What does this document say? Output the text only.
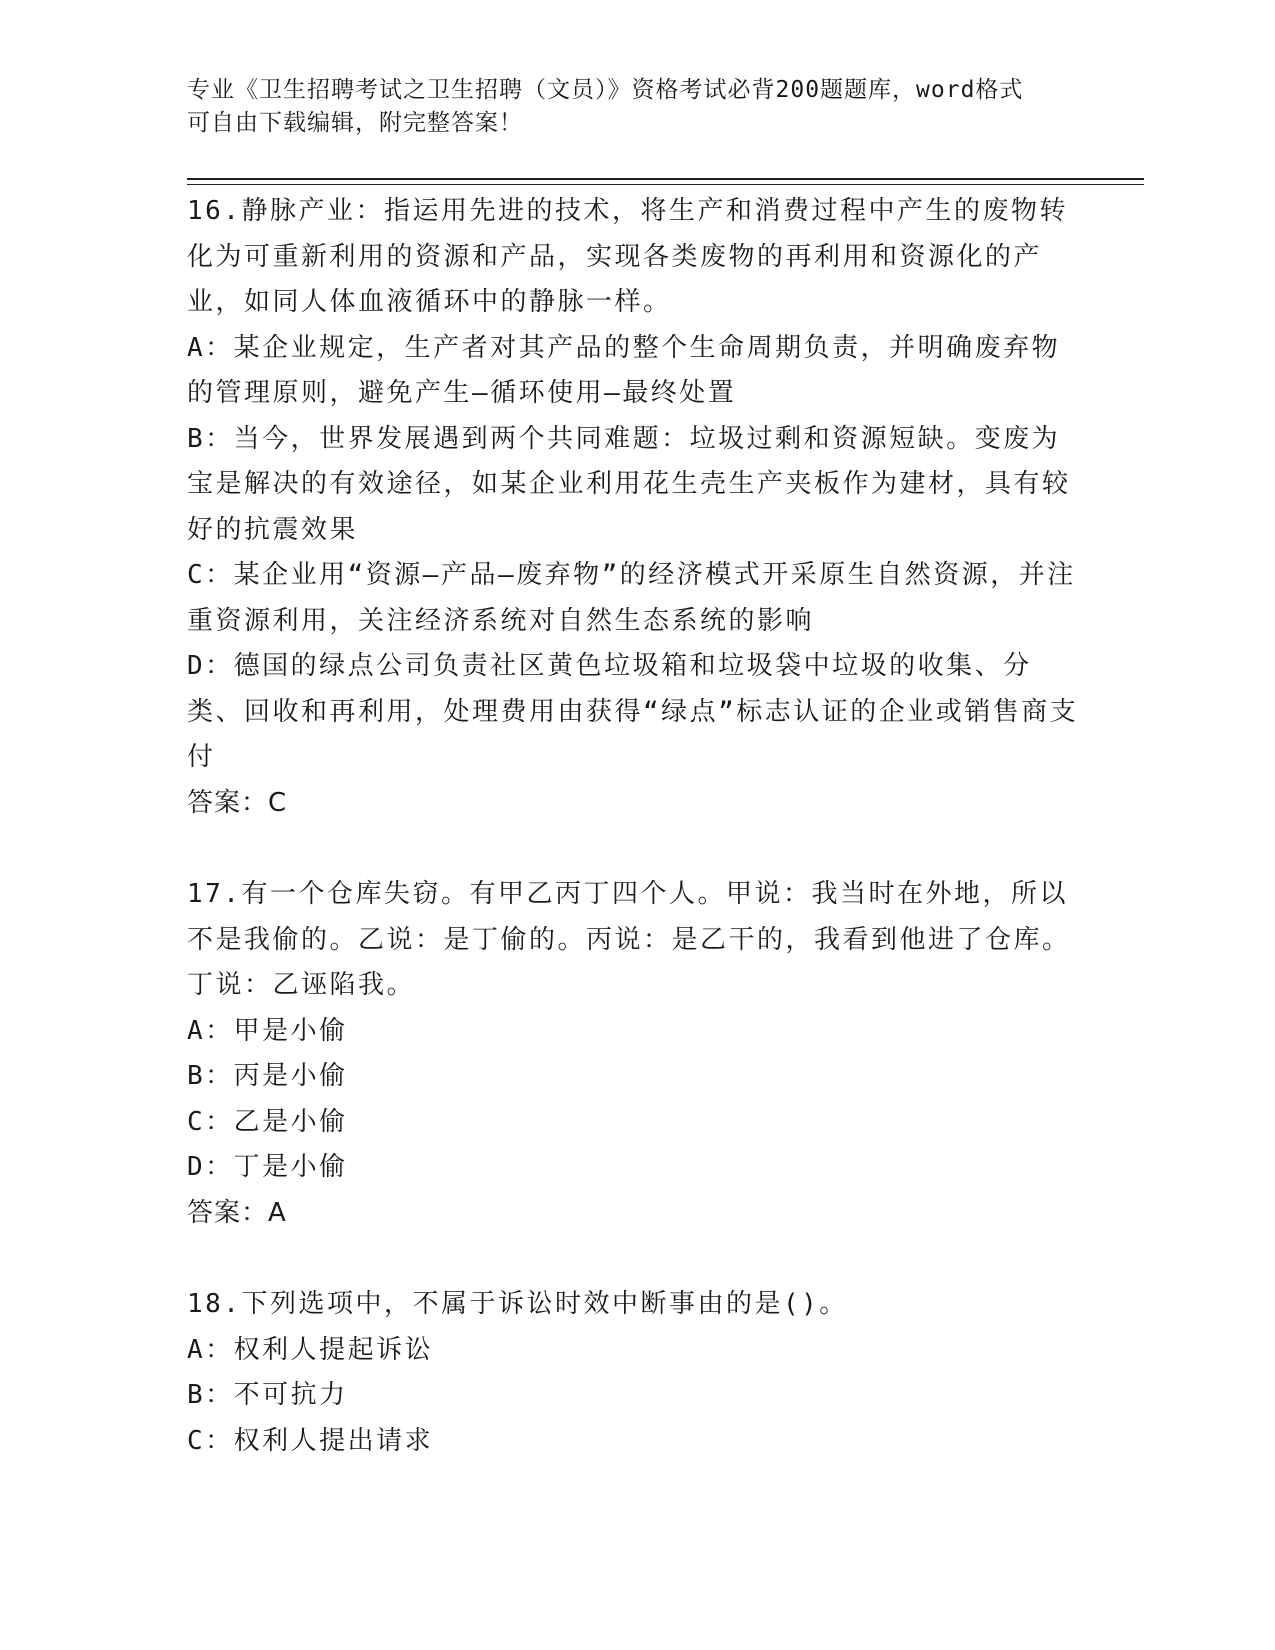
专业《卫生招聘考试之卫生招聘（文员）》资格考试必背200题题库，word格式
可自由下载编辑，附完整答案！

16.静脉产业：指运用先进的技术，将生产和消费过程中产生的废物转化为可重新利用的资源和产品，实现各类废物的再利用和资源化的产业，如同人体血液循环中的静脉一样。

A：某企业规定，生产者对其产品的整个生命周期负责，并明确废弃物的管理原则，避免产生—循环使用—最终处置

B：当今，世界发展遇到两个共同难题：垃圾过剩和资源短缺。变废为宝是解决的有效途径，如某企业利用花生壳生产夹板作为建材，具有较好的抗震效果

C：某企业用“资源—产品—废弃物”的经济模式开采原生自然资源，并注重资源利用，关注经济系统对自然生态系统的影响

D：德国的绿点公司负责社区黄色垃圾箱和垃圾袋中垃圾的收集、分类、回收和再利用，处理费用由获得“绿点”标志认证的企业或销售商支付

答案：C

17.有一个仓库失窃。有甲乙丙丁四个人。甲说：我当时在外地，所以不是我偷的。乙说：是丁偷的。丙说：是乙干的，我看到他进了仓库。丁说：乙诬陷我。

A：甲是小偷

B：丙是小偷

C：乙是小偷

D：丁是小偷

答案：A

18.下列选项中，不属于诉讼时效中断事由的是()。

A：权利人提起诉讼

B：不可抗力

C：权利人提出请求
